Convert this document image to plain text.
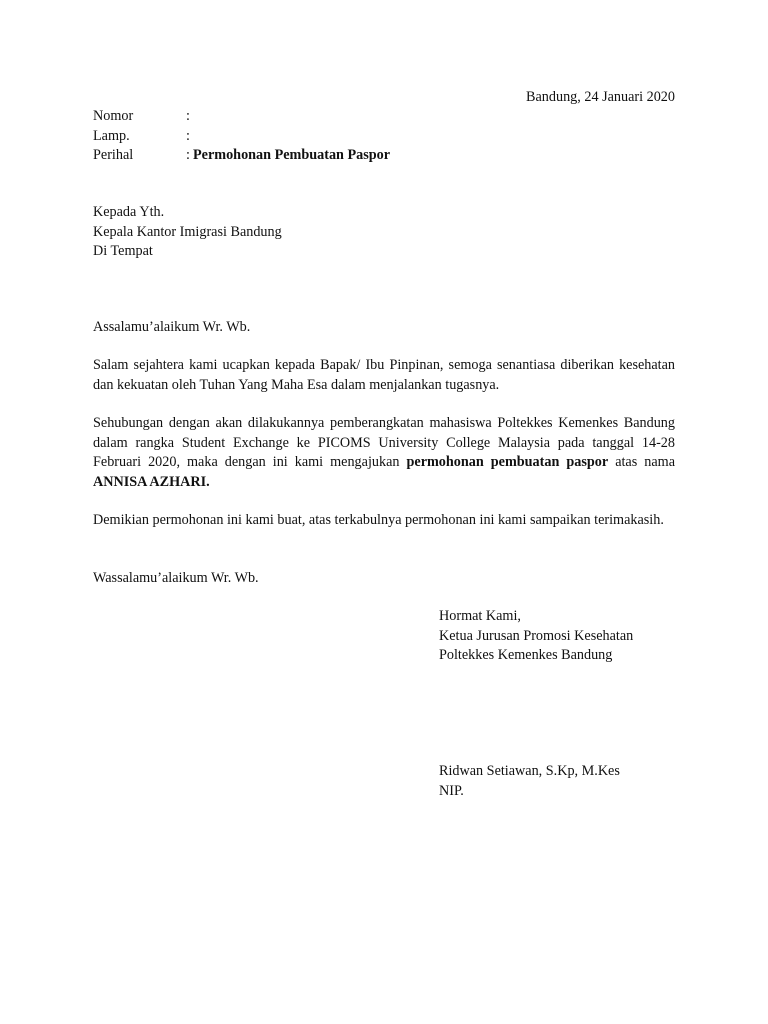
Bandung, 24 Januari 2020
Nomor	:
Lamp.	:
Perihal	: Permohonan Pembuatan Paspor
Kepada Yth.
Kepala Kantor Imigrasi Bandung
Di Tempat
Assalamu’alaikum Wr. Wb.
Salam sejahtera kami ucapkan kepada Bapak/ Ibu Pinpinan, semoga senantiasa diberikan kesehatan dan kekuatan oleh Tuhan Yang Maha Esa dalam menjalankan tugasnya.
Sehubungan dengan akan dilakukannya pemberangkatan mahasiswa Poltekkes Kemenkes Bandung dalam rangka Student Exchange ke PICOMS University College Malaysia pada tanggal 14-28 Februari 2020, maka dengan ini kami mengajukan permohonan pembuatan paspor atas nama ANNISA AZHARI.
Demikian permohonan ini kami buat, atas terkabulnya permohonan ini kami sampaikan terimakasih.
Wassalamu’alaikum Wr. Wb.
Hormat Kami,
Ketua Jurusan Promosi Kesehatan
Poltekkes Kemenkes Bandung
Ridwan Setiawan, S.Kp, M.Kes
NIP.
